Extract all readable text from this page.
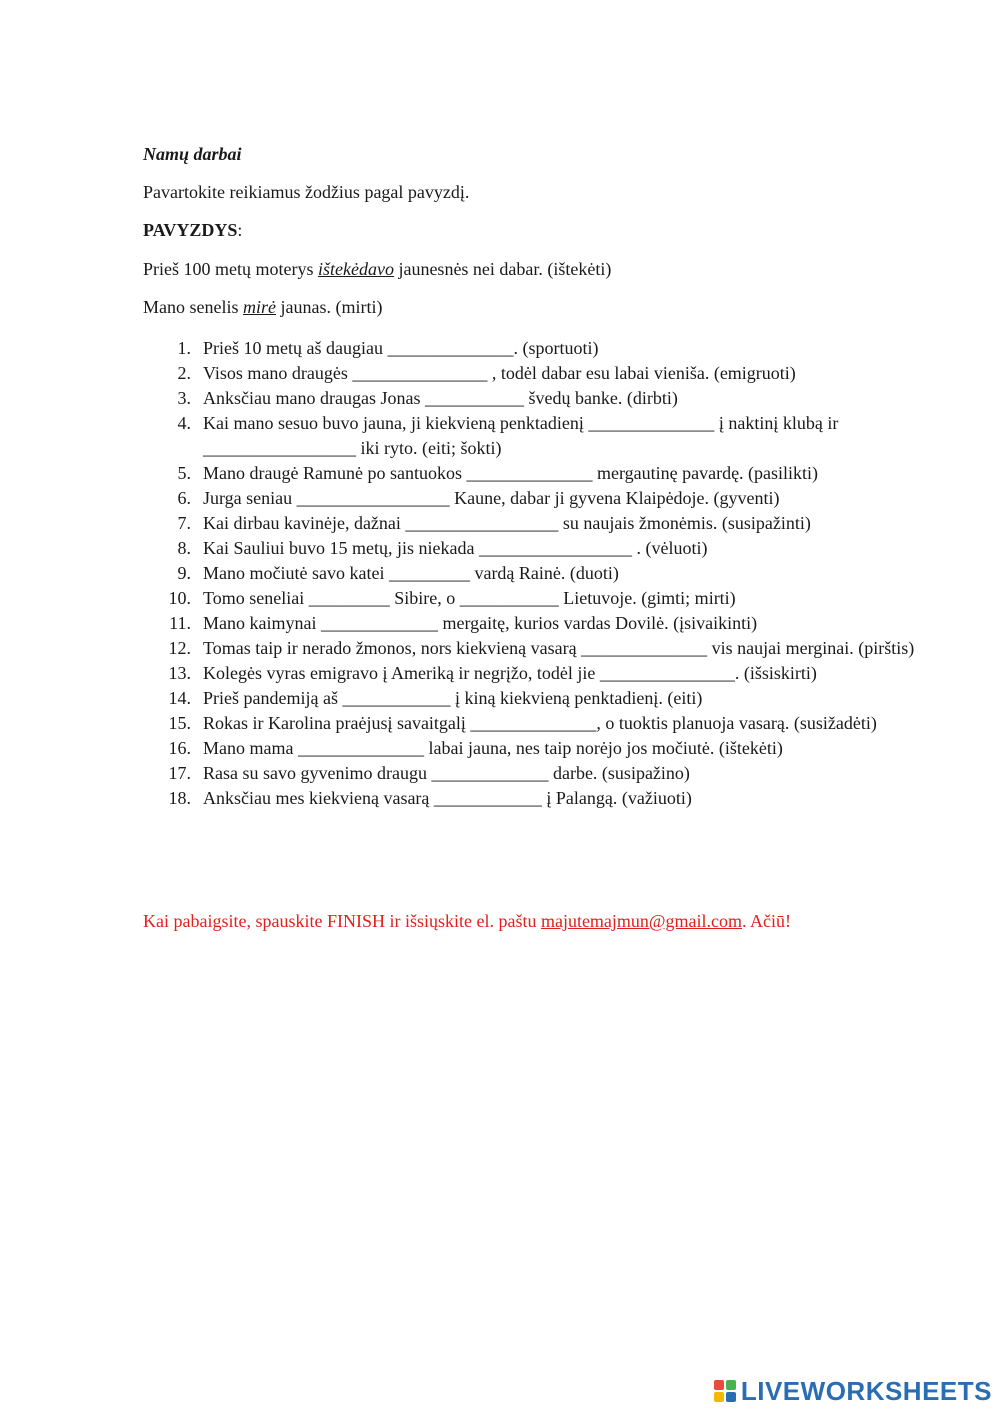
Namų darbai

Pavartokite reikiamus žodžius pagal pavyzdį.

PAVYZDYS:

Prieš 100 metų moterys ištekėdavo jaunesnės nei dabar. (ištekėti)

Mano senelis mirė jaunas. (mirti)

1. Prieš 10 metų aš daugiau ______________. (sportuoti)
2. Visos mano draugės _______________ , todėl dabar esu labai vieniša. (emigruoti)
3. Anksčiau mano draugas Jonas ___________ švedų banke. (dirbti)
4. Kai mano sesuo buvo jauna, ji kiekvieną penktadienį ______________ į naktinį klubą ir _________________ iki ryto. (eiti; šokti)
5. Mano draugė Ramunė po santuokos ______________ mergautinę pavardę. (pasilikti)
6. Jurga seniau _________________ Kaune, dabar ji gyvena Klaipėdoje. (gyventi)
7. Kai dirbau kavinėje, dažnai _________________ su naujais žmonėmis. (susipažinti)
8. Kai Sauliui buvo 15 metų, jis niekada _________________ . (vėluoti)
9. Mano močiutė savo katei _________ vardą Rainė. (duoti)
10. Tomo seneliai _________ Sibire, o ___________ Lietuvoje. (gimti; mirti)
11. Mano kaimynai _____________ mergaitę, kurios vardas Dovilė. (įsivaikinti)
12. Tomas taip ir nerado žmonos, nors kiekvieną vasarą ______________ vis naujai merginai. (pirštis)
13. Kolegės vyras emigravo į Ameriką ir negrįžo, todėl jie _______________. (išsiskirti)
14. Prieš pandemiją aš ____________ į kiną kiekvieną penktadienį. (eiti)
15. Rokas ir Karolina praėjusį savaitgalį ______________, o tuoktis planuoja vasarą. (susižadėti)
16. Mano mama ______________ labai jauna, nes taip norėjo jos močiutė. (ištekėti)
17. Rasa su savo gyvenimo draugu _____________ darbe. (susipažino)
18. Anksčiau mes kiekvieną vasarą ____________ į Palangą. (važiuoti)

Kai pabaigsite, spauskite FINISH ir išsiųskite el. paštu majutemajmun@gmail.com. Ačiū!

LIVEWORKSHEETS
